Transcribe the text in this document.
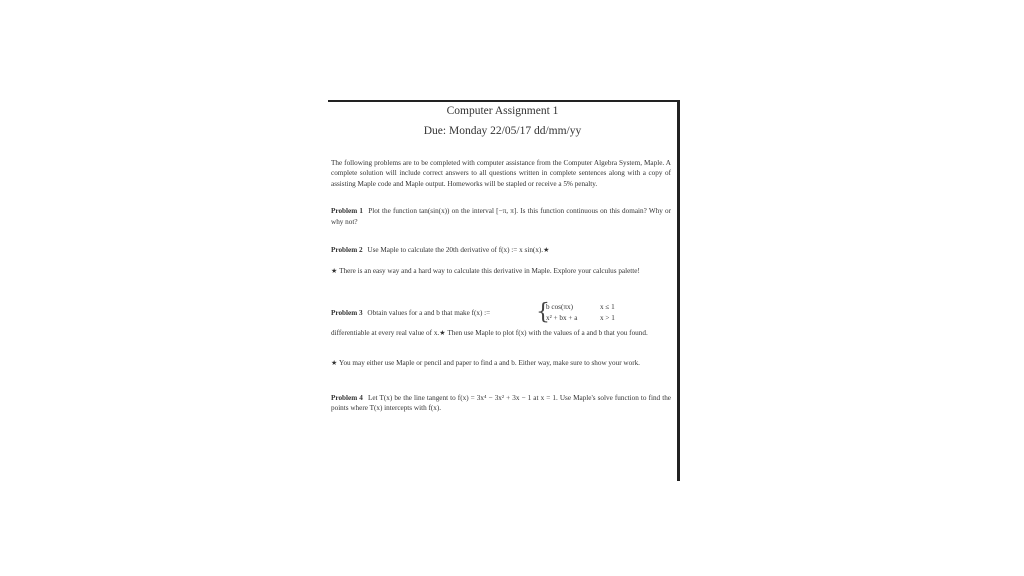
Computer Assignment 1
Due: Monday 22/05/17 dd/mm/yy
The following problems are to be completed with computer assistance from the Computer Algebra System, Maple. A complete solution will include correct answers to all questions written in complete sentences along with a copy of assisting Maple code and Maple output. Homeworks will be stapled or receive a 5% penalty.
Problem 1 Plot the function tan(sin(x)) on the interval [−π, π]. Is this function continuous on this domain? Why or why not?
Problem 2 Use Maple to calculate the 20th derivative of f(x) := x sin(x).★
★ There is an easy way and a hard way to calculate this derivative in Maple. Explore your calculus palette!
Problem 3 Obtain values for a and b that make f(x) := {
b cos(πx)	x ≤ 1
x² + bx + a	x > 1
differentiable at every real value of x.★ Then use Maple to plot f(x) with the values of a and b that you found.
★ You may either use Maple or pencil and paper to find a and b. Either way, make sure to show your work.
Problem 4 Let T(x) be the line tangent to f(x) = 3x⁴ − 3x² + 3x − 1 at x = 1. Use Maple's solve function to find the points where T(x) intercepts with f(x).
